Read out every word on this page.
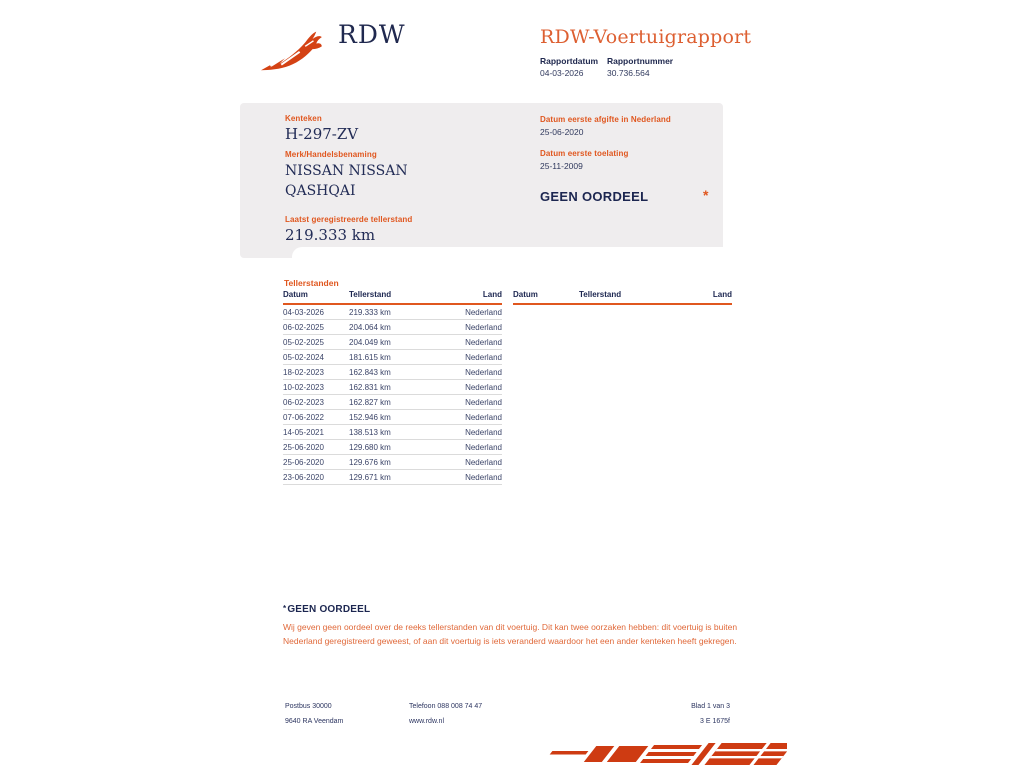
RDW	RDW-Voertuigrapport
Rapportdatum Rapportnummer
04-03-2026	30.736.564
Kenteken
H-297-ZV
Merk/Handelsbenaming
NISSAN NISSAN
QASHQAI
Laatst geregistreerde tellerstand
219.333 km
Datum eerste afgifte in Nederland
25-06-2020
Datum eerste toelating
25-11-2009
GEEN OORDEEL	*
Tellerstanden
Datum	Tellerstand	Land
04-03-2026	219.333 km	Nederland
06-02-2025	204.064 km	Nederland
05-02-2025	204.049 km	Nederland
05-02-2024	181.615 km	Nederland
18-02-2023	162.843 km	Nederland
10-02-2023	162.831 km	Nederland
06-02-2023	162.827 km	Nederland
07-06-2022	152.946 km	Nederland
14-05-2021	138.513 km	Nederland
25-06-2020	129.680 km	Nederland
25-06-2020	129.676 km	Nederland
23-06-2020	129.671 km	Nederland
Datum	Tellerstand	Land
*GEEN OORDEEL
Wij geven geen oordeel over de reeks tellerstanden van dit voertuig. Dit kan twee oorzaken hebben: dit voertuig is buiten Nederland geregistreerd geweest, of aan dit voertuig is iets veranderd waardoor het een ander kenteken heeft gekregen.
Postbus 30000
9640 RA Veendam
Telefoon 088 008 74 47
www.rdw.nl
Blad 1 van 3
3 E 1675f
